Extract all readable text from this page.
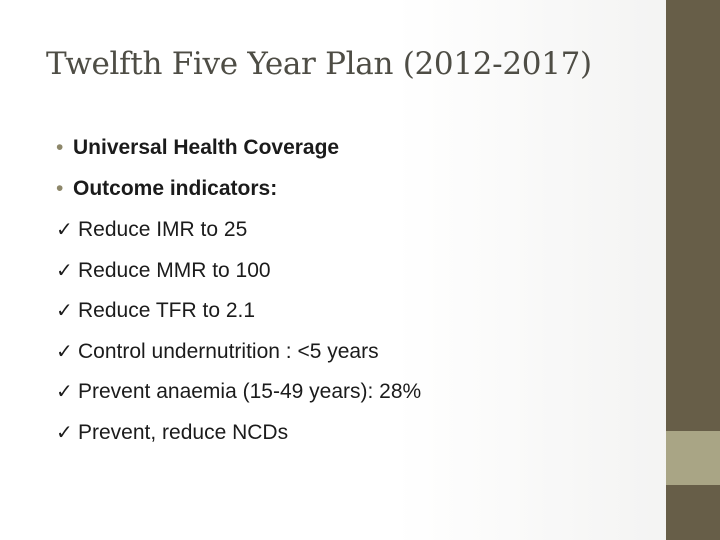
Twelfth Five Year Plan (2012-2017)
• Universal Health Coverage
• Outcome indicators:
✓ Reduce IMR to 25
✓ Reduce MMR to 100
✓ Reduce TFR to 2.1
✓ Control undernutrition : <5 years
✓ Prevent anaemia (15-49 years): 28%
✓ Prevent, reduce NCDs
